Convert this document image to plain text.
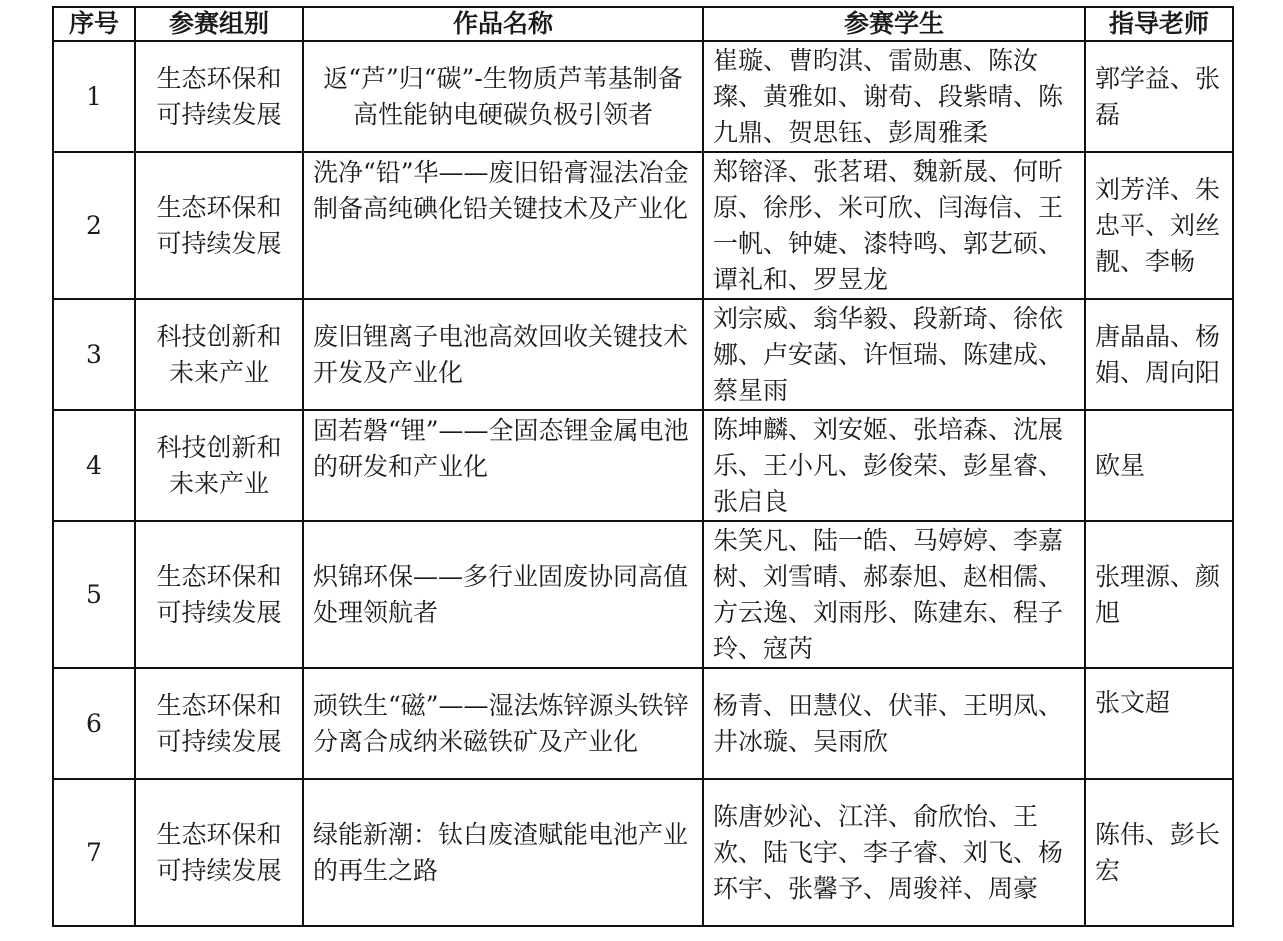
序号	参赛组别	作品名称	参赛学生	指导老师
1	生态环保和可持续发展	返“芦”归“碳”-生物质芦苇基制备高性能钠电硬碳负极引领者	崔璇、曹昀淇、雷勋惠、陈汝璨、黄雅如、谢荀、段紫晴、陈九鼎、贺思钰、彭周雅柔	郭学益、张磊
2	生态环保和可持续发展	洗净“铅”华——废旧铅膏湿法冶金制备高纯碘化铅关键技术及产业化	郑镕泽、张茗珺、魏新晟、何昕原、徐彤、米可欣、闫海信、王一帆、钟婕、漆特鸣、郭艺硕、谭礼和、罗昱龙	刘芳洋、朱忠平、刘丝靓、李畅
3	科技创新和未来产业	废旧锂离子电池高效回收关键技术开发及产业化	刘宗威、翁华毅、段新琦、徐依娜、卢安菡、许恒瑞、陈建成、蔡星雨	唐晶晶、杨娟、周向阳
4	科技创新和未来产业	固若磐“锂”——全固态锂金属电池的研发和产业化	陈坤麟、刘安姬、张培森、沈展乐、王小凡、彭俊荣、彭星睿、张启良	欧星
5	生态环保和可持续发展	炽锦环保——多行业固废协同高值处理领航者	朱笑凡、陆一皓、马婷婷、李嘉树、刘雪晴、郝泰旭、赵相儒、方云逸、刘雨彤、陈建东、程子玲、寇芮	张理源、颜旭
6	生态环保和可持续发展	顽铁生“磁”——湿法炼锌源头铁锌分离合成纳米磁铁矿及产业化	杨青、田慧仪、伏菲、王明凤、井冰璇、吴雨欣	张文超
7	生态环保和可持续发展	绿能新潮：钛白废渣赋能电池产业的再生之路	陈唐妙沁、江洋、俞欣怡、王欢、陆飞宇、李子睿、刘飞、杨环宇、张馨予、周骏祥、周豪	陈伟、彭长宏
